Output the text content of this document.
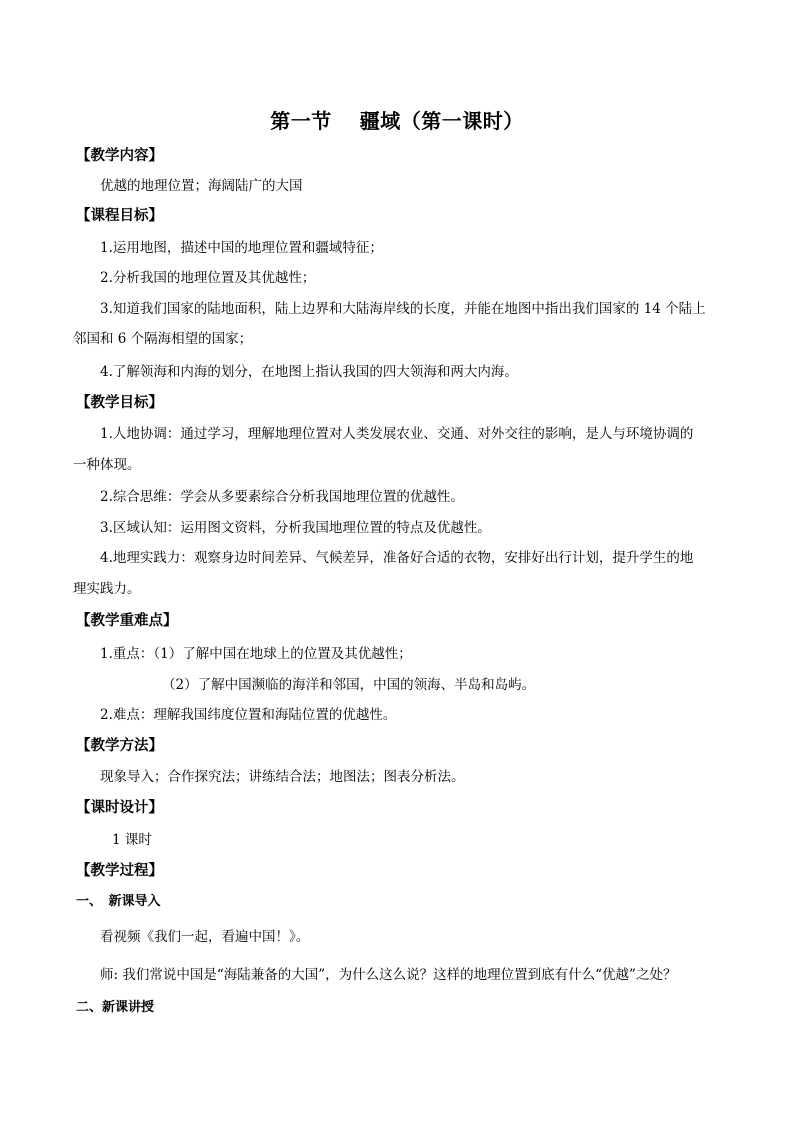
第一节　 疆域（第一课时）
【教学内容】
优越的地理位置；海阔陆广的大国
【课程目标】
1.运用地图，描述中国的地理位置和疆域特征；
2.分析我国的地理位置及其优越性；
3.知道我们国家的陆地面积，陆上边界和大陆海岸线的长度，并能在地图中指出我们国家的 14 个陆上
邻国和 6 个隔海相望的国家；
4.了解领海和内海的划分，在地图上指认我国的四大领海和两大内海。
【教学目标】
1.人地协调：通过学习，理解地理位置对人类发展农业、交通、对外交往的影响，是人与环境协调的
一种体现。
2.综合思维：学会从多要素综合分析我国地理位置的优越性。
3.区域认知：运用图文资料，分析我国地理位置的特点及优越性。
4.地理实践力：观察身边时间差异、气候差异，准备好合适的衣物，安排好出行计划，提升学生的地
理实践力。
【教学重难点】
1.重点：（1）了解中国在地球上的位置及其优越性；
（2）了解中国濒临的海洋和邻国，中国的领海、半岛和岛屿。
2.难点：理解我国纬度位置和海陆位置的优越性。
【教学方法】
现象导入；合作探究法；讲练结合法；地图法；图表分析法。
【课时设计】
1 课时
【教学过程】
一、　新课导入
看视频《我们一起，看遍中国！》。
师: 我们常说中国是“海陆兼备的大国”，为什么这么说？这样的地理位置到底有什么“优越”之处？
二、新课讲授
